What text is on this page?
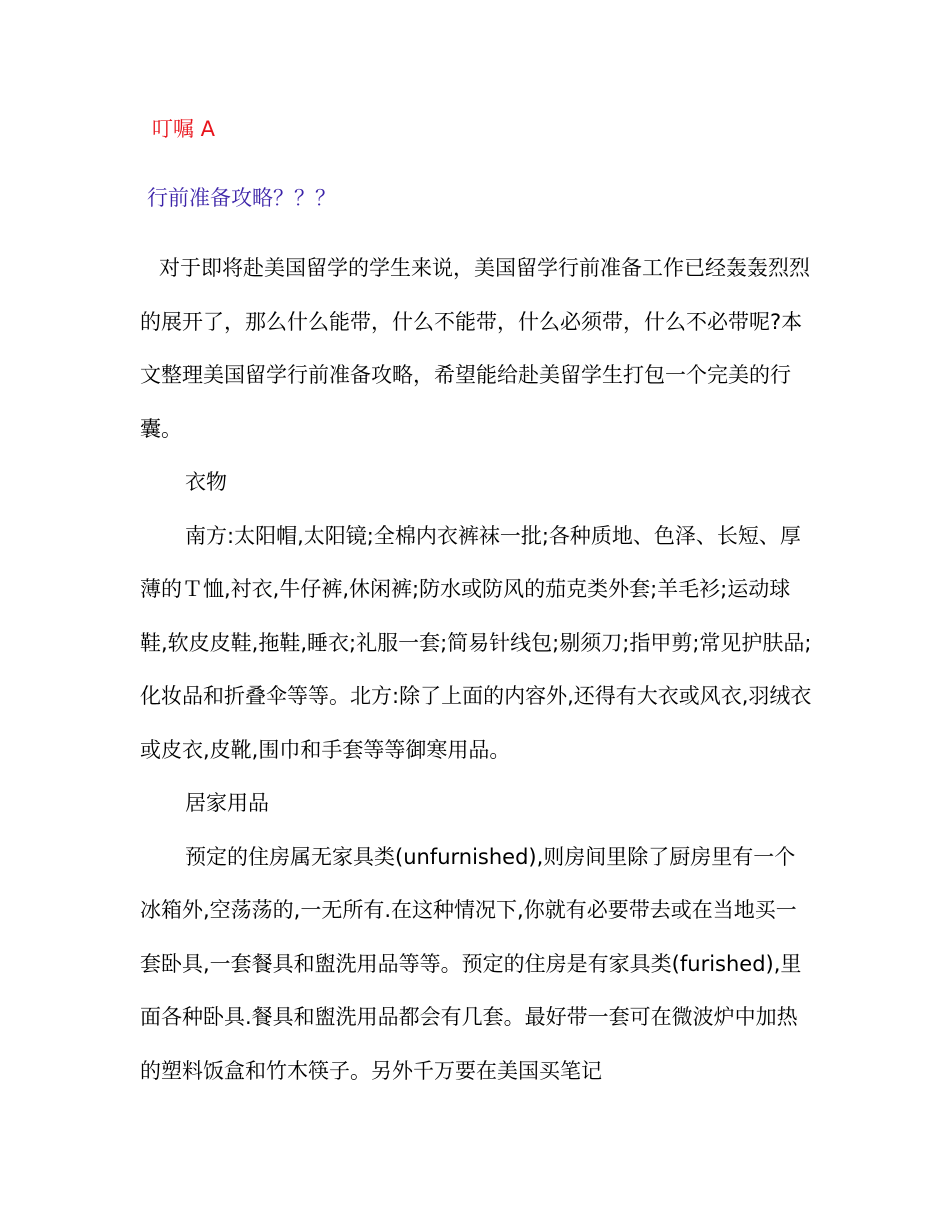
叮嘱 A
行前准备攻略？？？

对于即将赴美国留学的学生来说，美国留学行前准备工作已经轰轰烈烈的展开了，那么什么能带，什么不能带，什么必须带，什么不必带呢?本文整理美国留学行前准备攻略，希望能给赴美留学生打包一个完美的行囊。

衣物

南方:太阳帽,太阳镜;全棉内衣裤袜一批;各种质地、色泽、长短、厚薄的Ｔ恤,衬衣,牛仔裤,休闲裤;防水或防风的茄克类外套;羊毛衫;运动球鞋,软皮皮鞋,拖鞋,睡衣;礼服一套;简易针线包;剔须刀;指甲剪;常见护肤品;化妆品和折叠伞等等。北方:除了上面的内容外,还得有大衣或风衣,羽绒衣或皮衣,皮靴,围巾和手套等等御寒用品。

居家用品

预定的住房属无家具类(unfurnished),则房间里除了厨房里有一个冰箱外,空荡荡的,一无所有.在这种情况下,你就有必要带去或在当地买一套卧具,一套餐具和盥洗用品等等。预定的住房是有家具类(furished),里面各种卧具.餐具和盥洗用品都会有几套。最好带一套可在微波炉中加热的塑料饭盒和竹木筷子。另外千万要在美国买笔记
